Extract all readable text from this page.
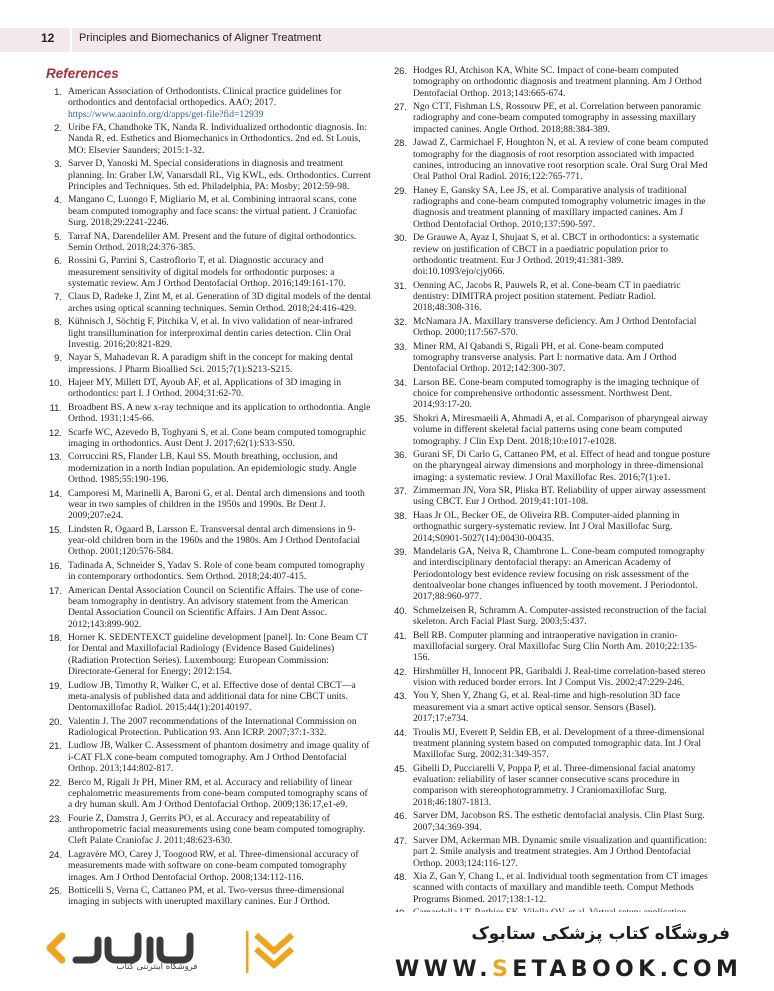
12 Principles and Biomechanics of Aligner Treatment
References
1. American Association of Orthodontists. Clinical practice guidelines for orthodontics and dentofacial orthopedics. AAO; 2017. https://www.aaoinfo.org/d/apps/get-file?fid=12939
2. Uribe FA, Chandhoke TK, Nanda R. Individualized orthodontic diagnosis. In: Nanda R, ed. Esthetics and Biomechanics in Orthodontics. 2nd ed. St Louis, MO: Elsevier Saunders; 2015:1-32.
3. Sarver D, Yanoski M. Special considerations in diagnosis and treatment planning. In: Graber LW, Vanarsdall RL, Vig KWL, eds. Orthodontics. Current Principles and Techniques. 5th ed. Philadelphia, PA: Mosby; 2012:59-98.
4. Mangano C, Luongo F, Migliario M, et al. Combining intraoral scans, cone beam computed tomography and face scans: the virtual patient. J Craniofac Surg. 2018;29:2241-2246.
5. Tarraf NA, Darendeliler AM. Present and the future of digital orthodontics. Semin Orthod. 2018;24:376-385.
6. Rossini G, Parrini S, Castroflorio T, et al. Diagnostic accuracy and measurement sensitivity of digital models for orthodontic purposes: a systematic review. Am J Orthod Dentofacial Orthop. 2016;149:161-170.
7. Claus D, Radeke J, Zint M, et al. Generation of 3D digital models of the dental arches using optical scanning techniques. Semin Orthod. 2018;24:416-429.
8. Kühnisch J, Söchtig F, Pitchika V, et al. In vivo validation of near-infrared light transillumination for interproximal dentin caries detection. Clin Oral Investig. 2016;20:821-829.
9. Nayar S, Mahadevan R. A paradigm shift in the concept for making dental impressions. J Pharm Bioallied Sci. 2015;7(1):S213-S215.
10. Hajeer MY, Millett DT, Ayoub AF, et al. Applications of 3D imaging in orthodontics: part I. J Orthod. 2004;31:62-70.
11. Broadbent BS. A new x-ray technique and its application to orthodontia. Angle Orthod. 1931;1:45-66.
12. Scarfe WC, Azevedo B, Toghyani S, et al. Cone beam computed tomographic imaging in orthodontics. Aust Dent J. 2017;62(1):S33-S50.
13. Corruccini RS, Flander LB, Kaul SS. Mouth breathing, occlusion, and modernization in a north Indian population. An epidemiologic study. Angle Orthod. 1985;55:190-196.
14. Camporesi M, Marinelli A, Baroni G, et al. Dental arch dimensions and tooth wear in two samples of children in the 1950s and 1990s. Br Dent J. 2009;207:e24.
15. Lindsten R, Ogaard B, Larsson E. Transversal dental arch dimensions in 9-year-old children born in the 1960s and the 1980s. Am J Orthod Dentofacial Orthop. 2001;120:576-584.
16. Tadinada A, Schneider S, Yadav S. Role of cone beam computed tomography in contemporary orthodontics. Sem Orthod. 2018;24:407-415.
17. American Dental Association Council on Scientific Affairs. The use of cone-beam tomography in dentistry. An advisory statement from the American Dental Association Council on Scientific Affairs. J Am Dent Assoc. 2012;143:899-902.
18. Horner K. SEDENTEXCT guideline development [panel]. In: Cone Beam CT for Dental and Maxillofacial Radiology (Evidence Based Guidelines) (Radiation Protection Series). Luxembourg: European Commission: Directorate-General for Energy; 2012:154.
19. Ludlow JB, Timothy R, Walker C, et al. Effective dose of dental CBCT—a meta-analysis of published data and additional data for nine CBCT units. Dentomaxillofac Radiol. 2015;44(1):20140197.
20. Valentin J. The 2007 recommendations of the International Commission on Radiological Protection. Publication 93. Ann ICRP. 2007;37:1-332.
21. Ludlow JB, Walker C. Assessment of phantom dosimetry and image quality of i-CAT FLX cone-beam computed tomography. Am J Orthod Dentofacial Orthop. 2013;144:802-817.
22. Berco M, Rigali Jr PH, Miner RM, et al. Accuracy and reliability of linear cephalometric measurements from cone-beam computed tomography scans of a dry human skull. Am J Orthod Dentofacial Orthop. 2009;136:17,e1-e9.
23. Fourie Z, Damstra J, Gerrits PO, et al. Accuracy and repeatability of anthropometric facial measurements using cone beam computed tomography. Cleft Palate Craniofac J. 2011;48:623-630.
24. Lagravère MO, Carey J, Toogood RW, et al. Three-dimensional accuracy of measurements made with software on cone-beam computed tomography images. Am J Orthod Dentofacial Orthop. 2008;134:112-116.
25. Botticelli S, Verna C, Cattaneo PM, et al. Two-versus three-dimensional imaging in subjects with unerupted maxillary canines. Eur J Orthod.
26. Hodges RJ, Atchison KA, White SC. Impact of cone-beam computed tomography on orthodontic diagnosis and treatment planning. Am J Orthod Dentofacial Orthop. 2013;143:665-674.
27. Ngo CTT, Fishman LS, Rossouw PE, et al. Correlation between panoramic radiography and cone-beam computed tomography in assessing maxillary impacted canines. Angle Orthod. 2018;88:384-389.
28. Jawad Z, Carmichael F, Houghton N, et al. A review of cone beam computed tomography for the diagnosis of root resorption associated with impacted canines, introducing an innovative root resorption scale. Oral Surg Oral Med Oral Pathol Oral Radiol. 2016;122:765-771.
29. Haney E, Gansky SA, Lee JS, et al. Comparative analysis of traditional radiographs and cone-beam computed tomography volumetric images in the diagnosis and treatment planning of maxillary impacted canines. Am J Orthod Dentofacial Orthop. 2010;137:590-597.
30. De Grauwe A, Ayaz I, Shujaat S, et al. CBCT in orthodontics: a systematic review on justification of CBCT in a paediatric population prior to orthodontic treatment. Eur J Orthod. 2019;41:381-389. doi:10.1093/ejo/cjy066.
31. Oenning AC, Jacobs R, Pauwels R, et al. Cone-beam CT in paediatric dentistry: DIMITRA project position statement. Pediatr Radiol. 2018;48:308-316.
32. McNamara JA. Maxillary transverse deficiency. Am J Orthod Dentofacial Orthop. 2000;117:567-570.
33. Miner RM, Al Qabandi S, Rigali PH, et al. Cone-beam computed tomography transverse analysis. Part I: normative data. Am J Orthod Dentofacial Orthop. 2012;142:300-307.
34. Larson BE. Cone-beam computed tomography is the imaging technique of choice for comprehensive orthodontic assessment. Northwest Dent. 2014;93:17-20.
35. Shokri A, Miresmaeili A, Ahmadi A, et al. Comparison of pharyngeal airway volume in different skeletal facial patterns using cone beam computed tomography. J Clin Exp Dent. 2018;10:e1017-e1028.
36. Gurani SF, Di Carlo G, Cattaneo PM, et al. Effect of head and tongue posture on the pharyngeal airway dimensions and morphology in three-dimensional imaging: a systematic review. J Oral Maxillofac Res. 2016;7(1):e1.
37. Zimmerman JN, Vora SR, Pliska BT. Reliability of upper airway assessment using CBCT. Eur J Orthod. 2019;41:101-108.
38. Haas Jr OL, Becker OE, de Oliveira RB. Computer-aided planning in orthognathic surgery-systematic review. Int J Oral Maxillofac Surg. 2014;S0901-5027(14):00430-00435.
39. Mandelaris GA, Neiva R, Chambrone L. Cone-beam computed tomography and interdisciplinary dentofacial therapy: an American Academy of Periodontology best evidence review focusing on risk assessment of the dentoalveolar bone changes influenced by tooth movement. J Periodontol. 2017;88:960-977.
40. Schmelzeisen R, Schramm A. Computer-assisted reconstruction of the facial skeleton. Arch Facial Plast Surg. 2003;5:437.
41. Bell RB. Computer planning and intraoperative navigation in cranio-maxillofacial surgery. Oral Maxillofac Surg Clin North Am. 2010;22:135-156.
42. Hirshmüller H, Innocent PR, Garibaldi J. Real-time correlation-based stereo vision with reduced border errors. Int J Comput Vis. 2002;47:229-246.
43. You Y, Shen Y, Zhang G, et al. Real-time and high-resolution 3D face measurement via a smart active optical sensor. Sensors (Basel). 2017;17:e734.
44. Troulis MJ, Everett P, Seldin EB, et al. Development of a three-dimensional treatment planning system based on computed tomographic data. Int J Oral Maxillofac Surg. 2002;31:349-357.
45. Gibelli D, Pucciarelli V, Poppa P, et al. Three-dimensional facial anatomy evaluation: reliability of laser scanner consecutive scans procedure in comparison with stereophotogrammetry. J Craniomaxillofac Surg. 2018;46:1807-1813.
46. Sarver DM, Jacobson RS. The esthetic dentofacial analysis. Clin Plast Surg. 2007;34:369-394.
47. Sarver DM, Ackerman MB. Dynamic smile visualization and quantification: part 2. Smile analysis and treatment strategies. Am J Orthod Dentofacial Orthop. 2003;124:116-127.
48. Xia Z, Gan Y, Chang L, et al. Individual tooth segmentation from CT images scanned with contacts of maxillary and mandible teeth. Comput Methods Programs Biomed. 2017;138:1-12.
فروشگاه اینترنتی کتاب
فروشگاه کتاب پزشکی ستابوک
WWW.SETABOOK.COM
